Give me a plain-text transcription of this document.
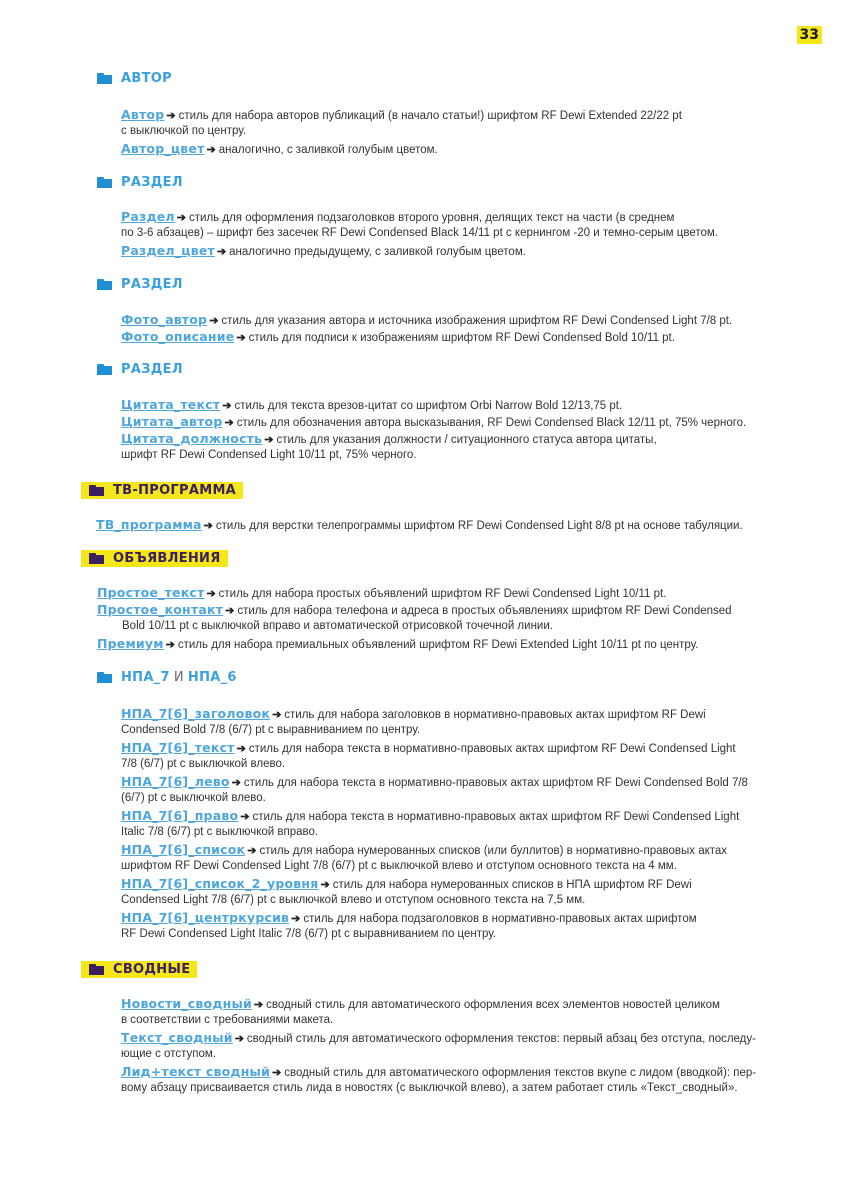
33
АВТОР
Автор ➔ стиль для набора авторов публикаций (в начало статьи!) шрифтом RF Dewi Extended 22/22 pt
с выключкой по центру.
Автор_цвет ➔ аналогично, с заливкой голубым цветом.
РАЗДЕЛ
Раздел ➔ стиль для оформления подзаголовков второго уровня, делящих текст на части (в среднем
по 3-6 абзацев) – шрифт без засечек RF Dewi Condensed Black 14/11 pt с кернингом -20 и темно-серым цветом.
Раздел_цвет ➔ аналогично предыдущему, с заливкой голубым цветом.
РАЗДЕЛ
Фото_автор ➔ стиль для указания автора и источника изображения шрифтом RF Dewi Condensed Light 7/8 pt.
Фото_описание ➔ стиль для подписи к изображениям шрифтом RF Dewi Condensed Bold 10/11 pt.
РАЗДЕЛ
Цитата_текст ➔ стиль для текста врезов-цитат со шрифтом Orbi Narrow Bold 12/13,75 pt.
Цитата_автор ➔ стиль для обозначения автора высказывания, RF Dewi Condensed Black 12/11 pt, 75% черного.
Цитата_должность ➔ стиль для указания должности / ситуационного статуса автора цитаты,
шрифт RF Dewi Condensed Light 10/11 pt, 75% черного.
ТВ-ПРОГРАММА
ТВ_программа ➔ стиль для верстки телепрограммы шрифтом RF Dewi Condensed Light 8/8 pt на основе табуляции.
ОБЪЯВЛЕНИЯ
Простое_текст ➔ стиль для набора простых объявлений шрифтом RF Dewi Condensed Light 10/11 pt.
Простое_контакт ➔ стиль для набора телефона и адреса в простых объявлениях шрифтом RF Dewi Condensed
Bold 10/11 pt с выключкой вправо и автоматической отрисовкой точечной линии.
Премиум ➔ стиль для набора премиальных объявлений шрифтом RF Dewi Extended Light 10/11 pt по центру.
НПА_7 И НПА_6
НПА_7[6]_заголовок ➔ стиль для набора заголовков в нормативно-правовых актах шрифтом RF Dewi
Condensed Bold 7/8 (6/7) pt с выравниванием по центру.
НПА_7[6]_текст ➔ стиль для набора текста в нормативно-правовых актах шрифтом RF Dewi Condensed Light
7/8 (6/7) pt с выключкой влево.
НПА_7[6]_лево ➔ стиль для набора текста в нормативно-правовых актах шрифтом RF Dewi Condensed Bold 7/8
(6/7) pt с выключкой влево.
НПА_7[6]_право ➔ стиль для набора текста в нормативно-правовых актах шрифтом RF Dewi Condensed Light
Italic 7/8 (6/7) pt с выключкой вправо.
НПА_7[6]_список ➔ стиль для набора нумерованных списков (или буллитов) в нормативно-правовых актах
шрифтом RF Dewi Condensed Light 7/8 (6/7) pt с выключкой влево и отступом основного текста на 4 мм.
НПА_7[6]_список_2_уровня ➔ стиль для набора нумерованных списков в НПА шрифтом RF Dewi
Condensed Light 7/8 (6/7) pt с выключкой влево и отступом основного текста на 7,5 мм.
НПА_7[6]_центркурсив ➔ стиль для набора подзаголовков в нормативно-правовых актах шрифтом
RF Dewi Condensed Light Italic 7/8 (6/7) pt с выравниванием по центру.
СВОДНЫЕ
Новости_сводный ➔ сводный стиль для автоматического оформления всех элементов новостей целиком
в соответствии с требованиями макета.
Текст_сводный ➔ сводный стиль для автоматического оформления текстов: первый абзац без отступа, последу-
ющие с отступом.
Лид+текст сводный ➔ сводный стиль для автоматического оформления текстов вкупе с лидом (вводкой): пер-
вому абзацу присваивается стиль лида в новостях (с выключкой влево), а затем работает стиль «Текст_сводный».
